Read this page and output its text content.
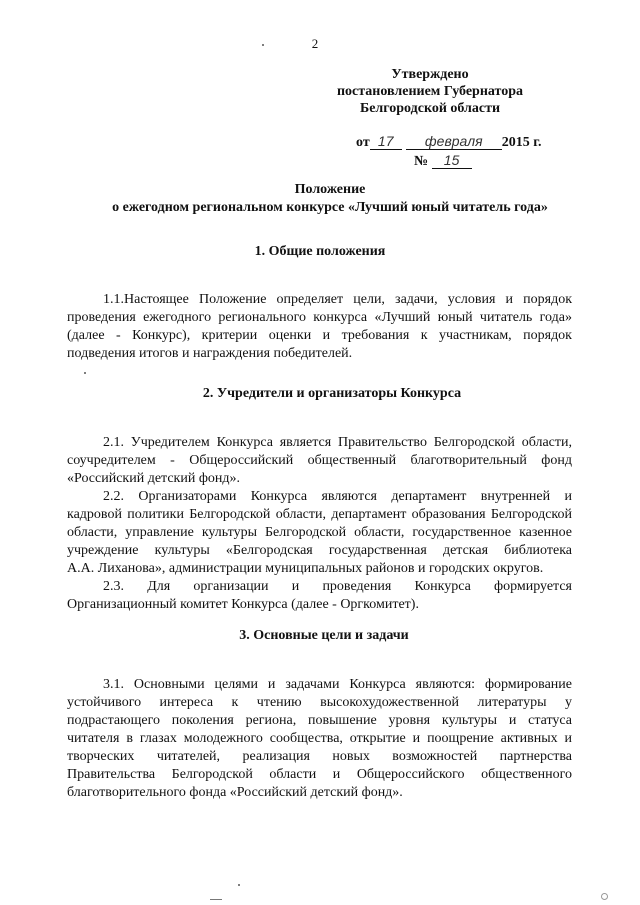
2
Утверждено
постановлением Губернатора
Белгородской области
от 17 февраля 2015 г.
№ 15
Положение
о ежегодном региональном конкурсе «Лучший юный читатель года»
1. Общие положения
1.1.Настоящее Положение определяет цели, задачи, условия и порядок
проведения ежегодного регионального конкурса «Лучший юный читатель года»
(далее - Конкурс), критерии оценки и требования к участникам, порядок
подведения итогов и награждения победителей.
2. Учредители и организаторы Конкурса
2.1. Учредителем Конкурса является Правительство Белгородской области,
соучредителем - Общероссийский общественный благотворительный фонд
«Российский детский фонд».
2.2. Организаторами Конкурса являются департамент внутренней и
кадровой политики Белгородской области, департамент образования Белгородской
области, управление культуры Белгородской области, государственное казенное
учреждение культуры «Белгородская государственная детская библиотека
А.А. Лиханова», администрации муниципальных районов и городских округов.
2.3. Для организации и проведения Конкурса формируется
Организационный комитет Конкурса (далее - Оргкомитет).
3. Основные цели и задачи
3.1. Основными целями и задачами Конкурса являются: формирование
устойчивого интереса к чтению высокохудожественной литературы у
подрастающего поколения региона, повышение уровня культуры и статуса
читателя в глазах молодежного сообщества, открытие и поощрение активных и
творческих читателей, реализация новых возможностей партнерства
Правительства Белгородской области и Общероссийского общественного
благотворительного фонда «Российский детский фонд».
